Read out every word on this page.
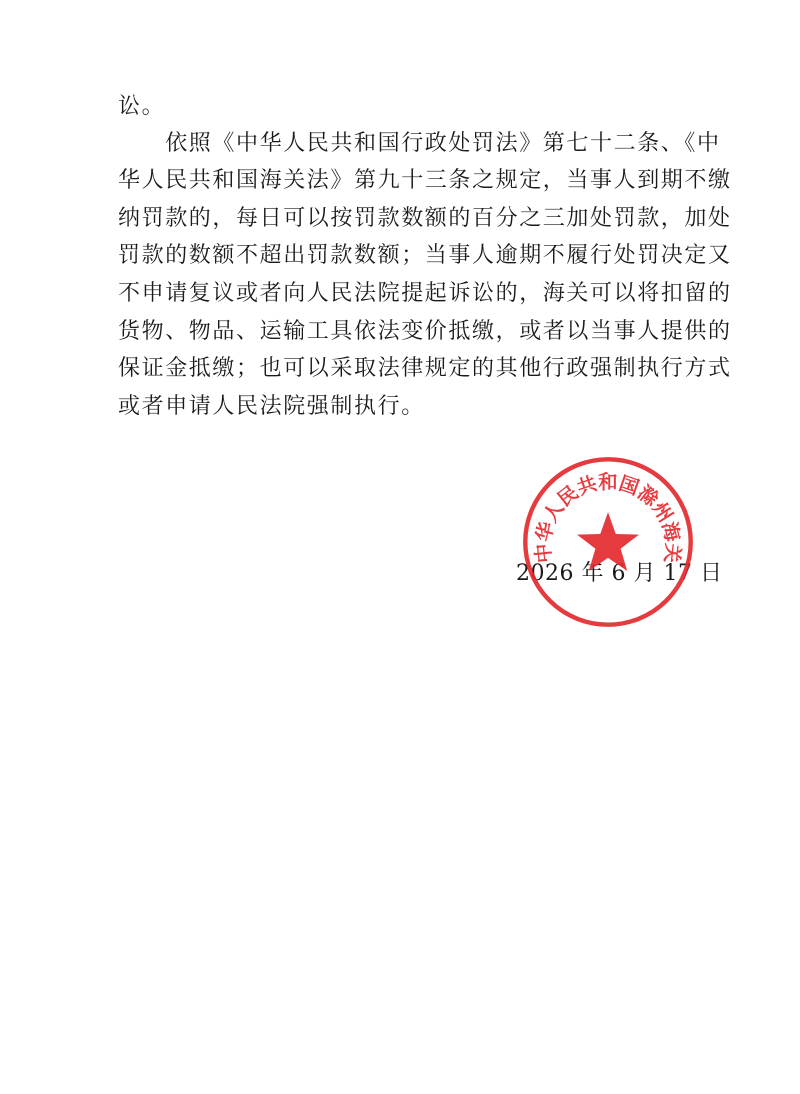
讼。
　　依照《中华人民共和国行政处罚法》第七十二条、《中
华人民共和国海关法》第九十三条之规定，当事人到期不缴
纳罚款的，每日可以按罚款数额的百分之三加处罚款，加处
罚款的数额不超出罚款数额；当事人逾期不履行处罚决定又
不申请复议或者向人民法院提起诉讼的，海关可以将扣留的
货物、物品、运输工具依法变价抵缴，或者以当事人提供的
保证金抵缴；也可以采取法律规定的其他行政强制执行方式
或者申请人民法院强制执行。
2026 年 6 月 17 日
中华人民共和国滁州海关
